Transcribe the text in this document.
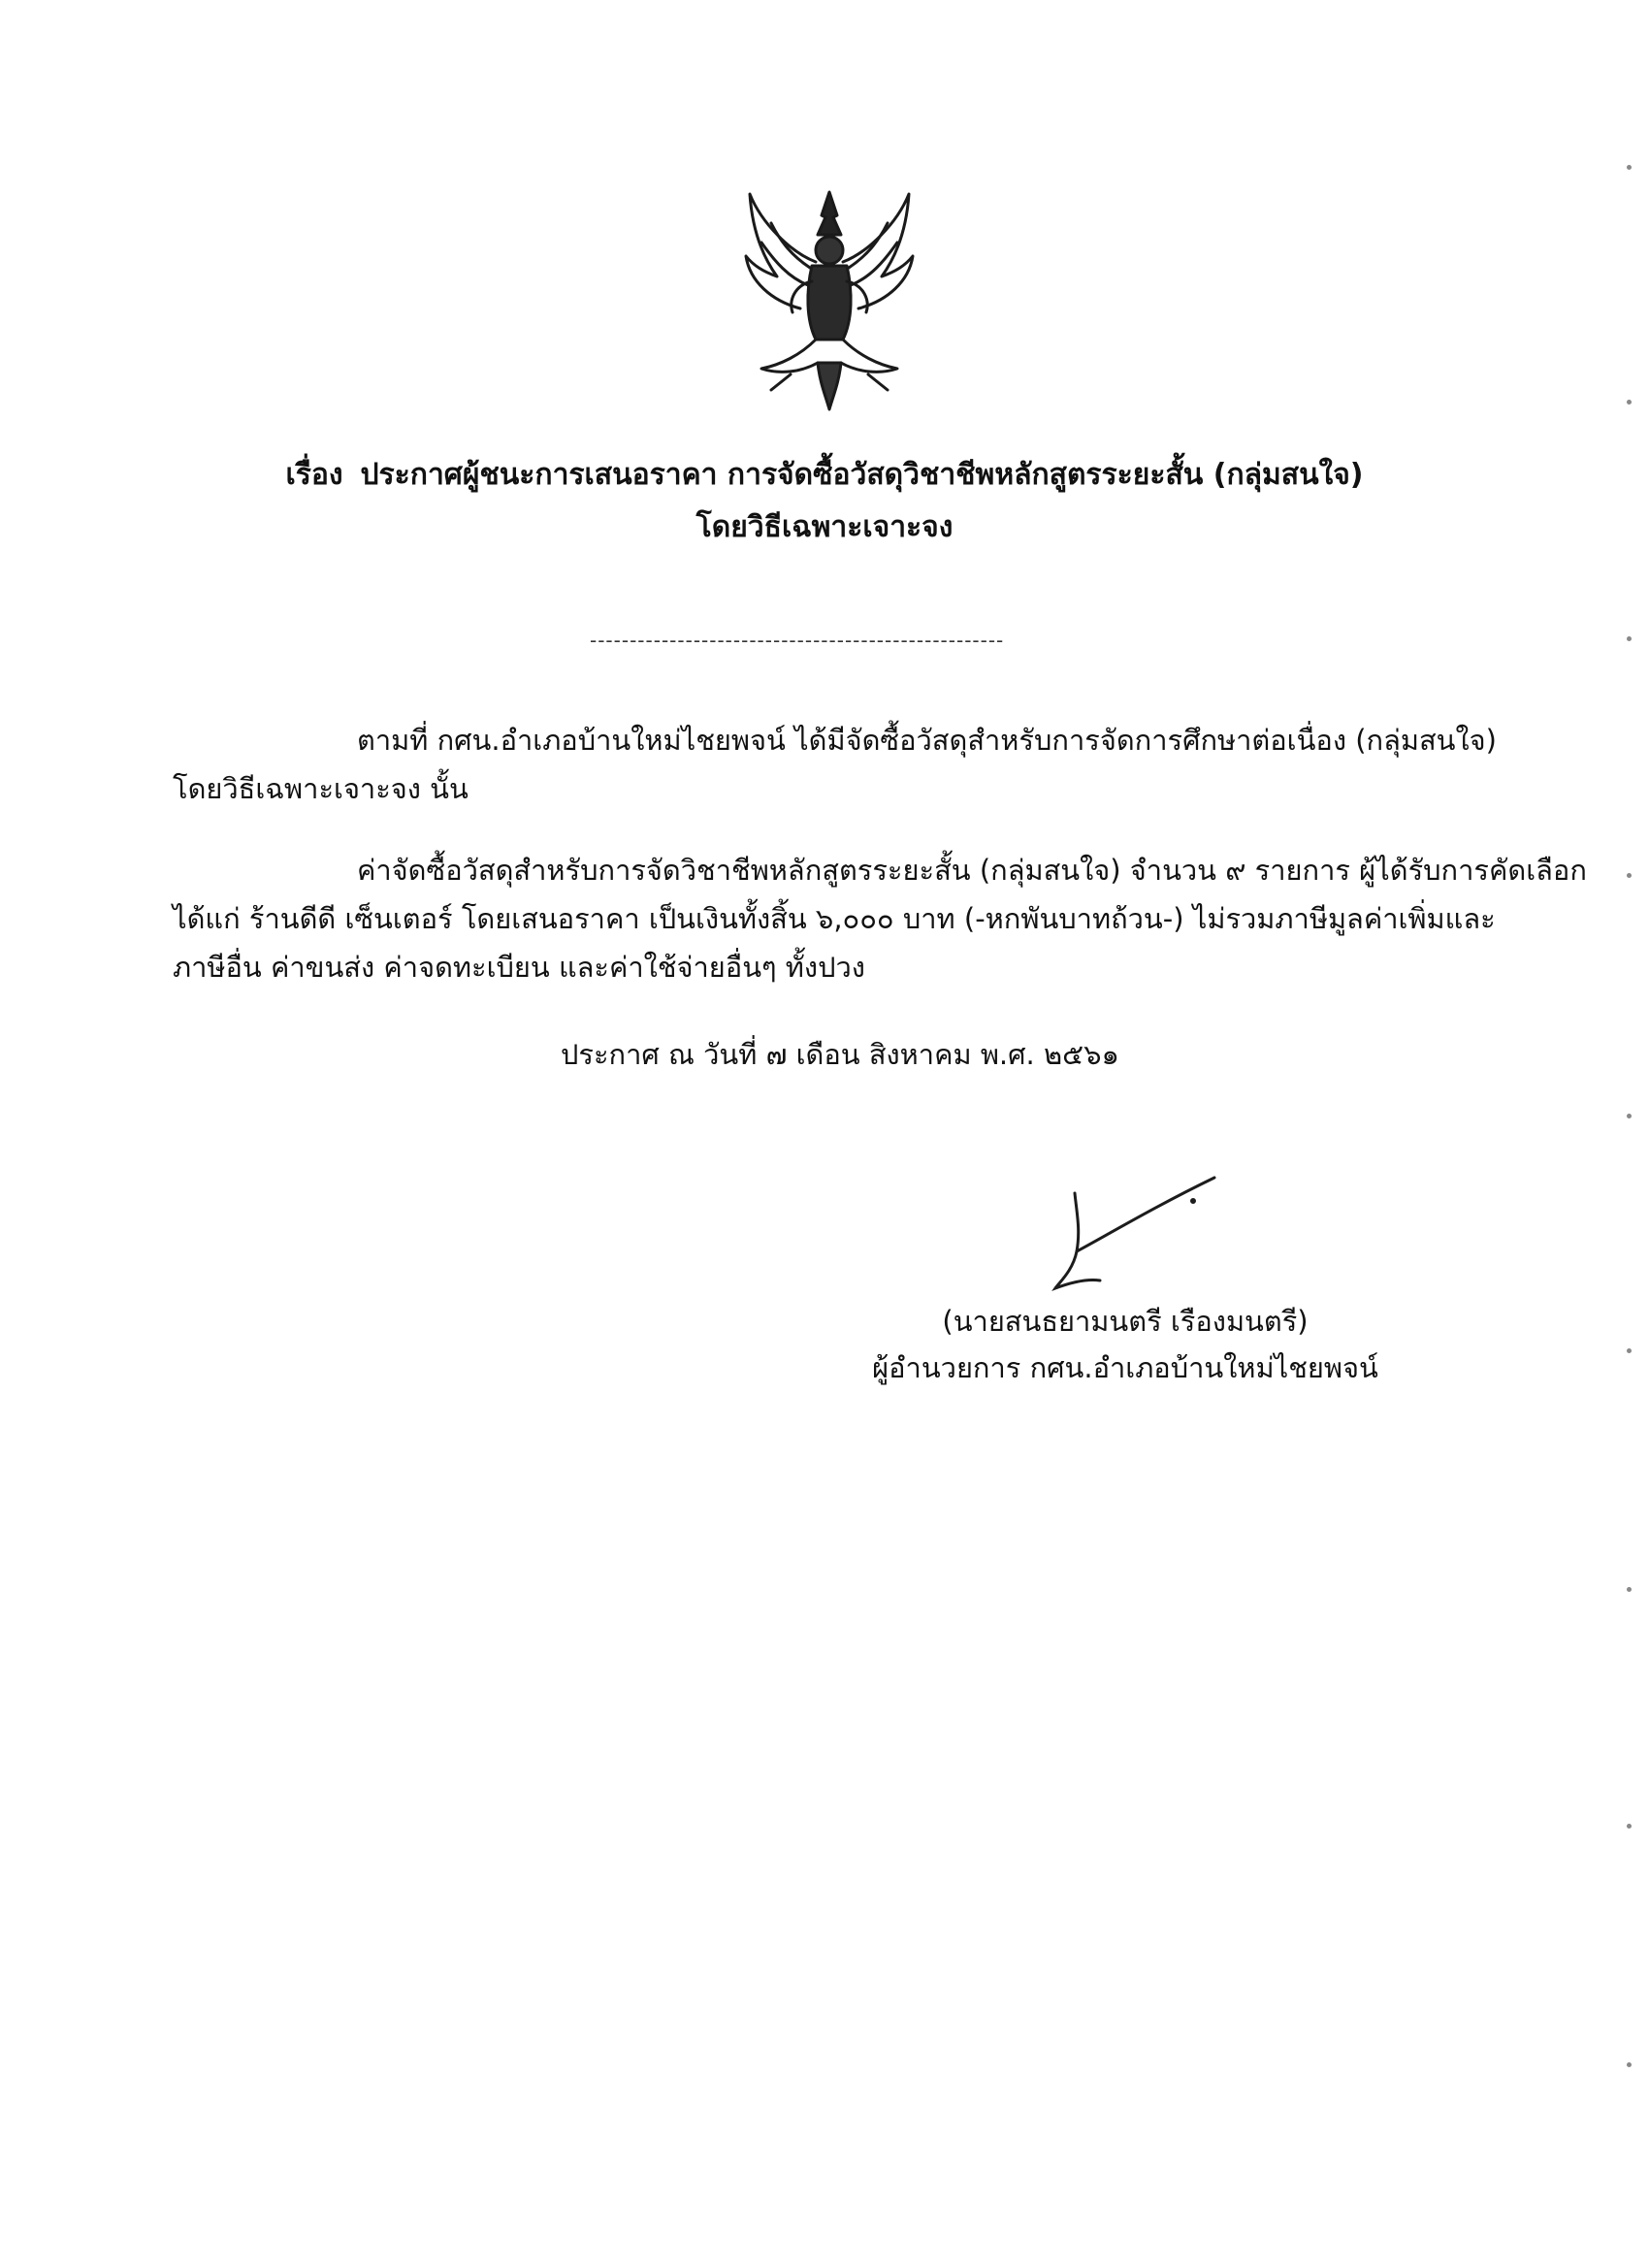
เรื่อง ประกาศผู้ชนะการเสนอราคา การจัดซื้อวัสดุวิชาชีพหลักสูตรระยะสั้น (กลุ่มสนใจ)
โดยวิธีเฉพาะเจาะจง
----------------------------------------------------

ตามที่ กศน.อำเภอบ้านใหม่ไชยพจน์ ได้มีจัดซื้อวัสดุสำหรับการจัดการศึกษาต่อเนื่อง (กลุ่มสนใจ)
โดยวิธีเฉพาะเจาะจง นั้น

ค่าจัดซื้อวัสดุสำหรับการจัดวิชาชีพหลักสูตรระยะสั้น (กลุ่มสนใจ) จำนวน ๙ รายการ ผู้ได้รับการคัดเลือก
ได้แก่ ร้านดีดี เซ็นเตอร์ โดยเสนอราคา เป็นเงินทั้งสิ้น ๖,๐๐๐ บาท (-หกพันบาทถ้วน-) ไม่รวมภาษีมูลค่าเพิ่มและ
ภาษีอื่น ค่าขนส่ง ค่าจดทะเบียน และค่าใช้จ่ายอื่นๆ ทั้งปวง

ประกาศ ณ วันที่ ๗ เดือน สิงหาคม พ.ศ. ๒๕๖๑
(นายสนธยามนตรี เรืองมนตรี)
ผู้อำนวยการ กศน.อำเภอบ้านใหม่ไชยพจน์
